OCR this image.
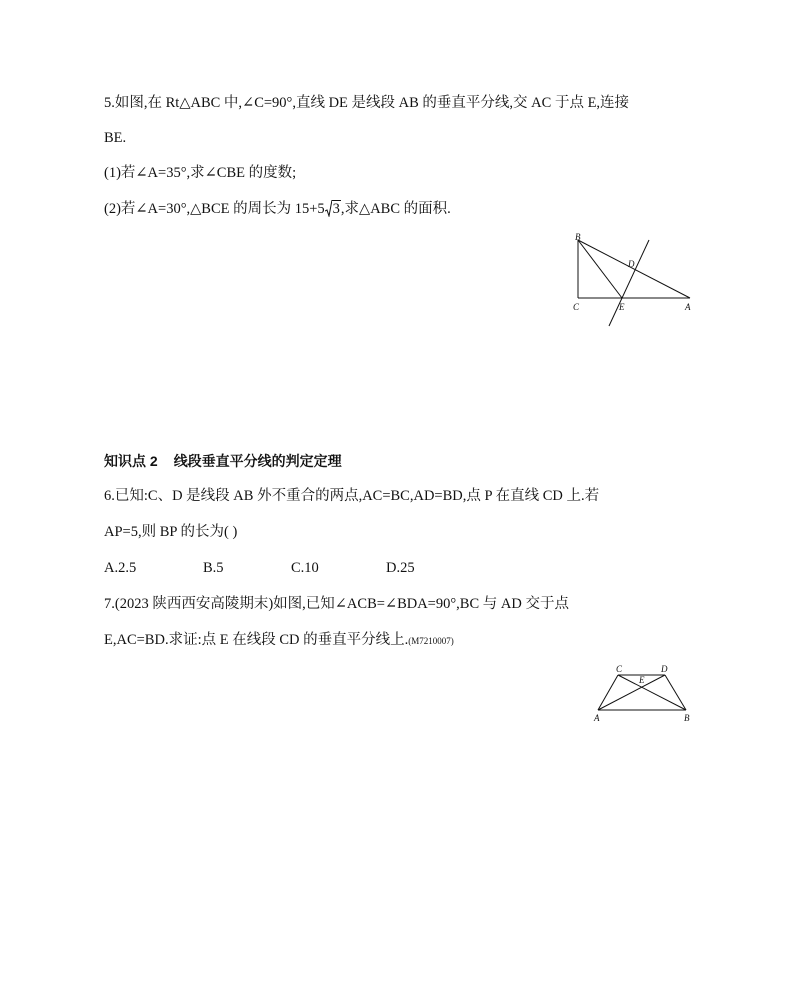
5.如图,在 Rt△ABC 中,∠C=90°,直线 DE 是线段 AB 的垂直平分线,交 AC 于点 E,连接
BE.
(1)若∠A=35°,求∠CBE 的度数;
(2)若∠A=30°,△BCE 的周长为 15+5 3,求△ABC 的面积.
B
D
C	E	A
知识点 2 线段垂直平分线的判定定理
6.已知:C、D 是线段 AB 外不重合的两点,AC=BC,AD=BD,点 P 在直线 CD 上.若
AP=5,则 BP 的长为( )
A.2.5	B.5	C.10	D.25
7.(2023 陕西西安高陵期末)如图,已知∠ACB=∠BDA=90°,BC 与 AD 交于点
E,AC=BD.求证:点 E 在线段 CD 的垂直平分线上.(M7210007)
C	D
E
A	B
